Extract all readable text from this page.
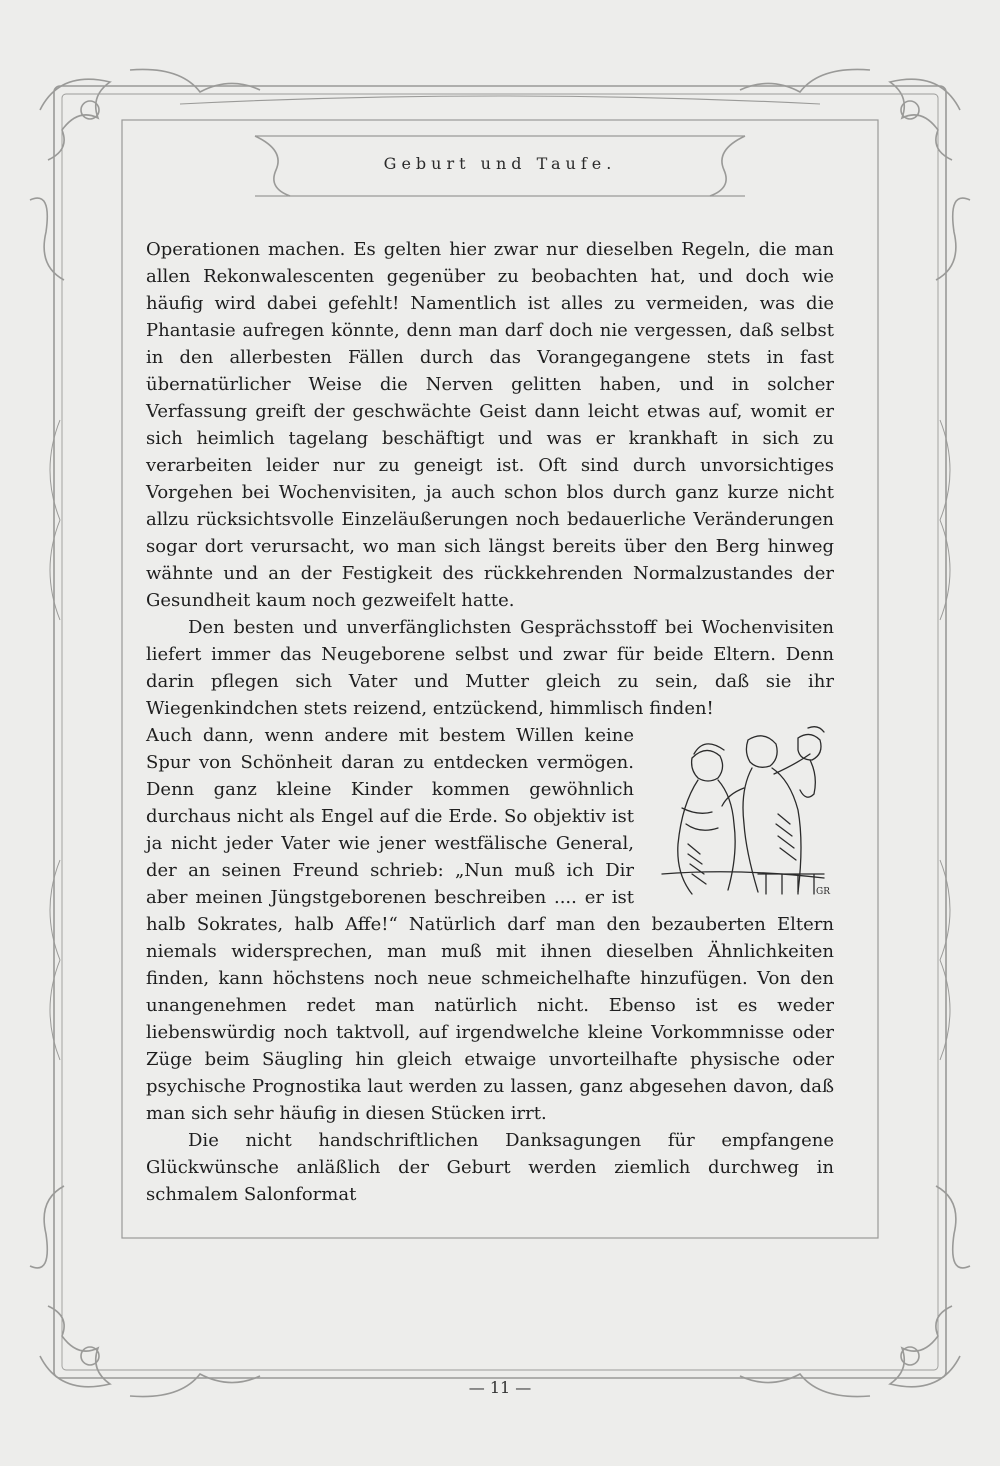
Geburt und Taufe.

Operationen machen. Es gelten hier zwar nur dieselben Regeln, die man allen Rekonwalescenten gegenüber zu beobachten hat, und doch wie häufig wird dabei gefehlt! Namentlich ist alles zu vermeiden, was die Phantasie aufregen könnte, denn man darf doch nie vergessen, daß selbst in den allerbesten Fällen durch das Vorangegangene stets in fast übernatürlicher Weise die Nerven gelitten haben, und in solcher Verfassung greift der geschwächte Geist dann leicht etwas auf, womit er sich heimlich tagelang beschäftigt und was er krankhaft in sich zu verarbeiten leider nur zu geneigt ist. Oft sind durch unvorsichtiges Vorgehen bei Wochenvisiten, ja auch schon blos durch ganz kurze nicht allzu rücksichtsvolle Einzeläußerungen noch bedauerliche Veränderungen sogar dort verursacht, wo man sich längst bereits über den Berg hinweg wähnte und an der Festigkeit des rückkehrenden Normalzustandes der Gesundheit kaum noch gezweifelt hatte.

Den besten und unverfänglichsten Gesprächsstoff bei Wochenvisiten liefert immer das Neugeborene selbst und zwar für beide Eltern. Denn darin pflegen sich Vater und Mutter gleich zu sein, daß sie ihr Wiegenkindchen stets reizend, entzückend, himmlisch finden!

GR

Auch dann, wenn andere mit bestem Willen keine Spur von Schönheit daran zu entdecken vermögen. Denn ganz kleine Kinder kommen gewöhnlich durchaus nicht als Engel auf die Erde. So objektiv ist ja nicht jeder Vater wie jener westfälische General, der an seinen Freund schrieb: „Nun muß ich Dir aber meinen Jüngstgeborenen beschreiben .... er ist halb Sokrates, halb Affe!“ Natürlich darf man den bezauberten Eltern niemals widersprechen, man muß mit ihnen dieselben Ähnlichkeiten finden, kann höchstens noch neue schmeichelhafte hinzufügen. Von den unangenehmen redet man natürlich nicht. Ebenso ist es weder liebenswürdig noch taktvoll, auf irgendwelche kleine Vorkommnisse oder Züge beim Säugling hin gleich etwaige unvorteilhafte physische oder psychische Prognostika laut werden zu lassen, ganz abgesehen davon, daß man sich sehr häufig in diesen Stücken irrt.

Die nicht handschriftlichen Danksagungen für empfangene Glückwünsche anläßlich der Geburt werden ziemlich durchweg in schmalem Salonformat

— 11 —
